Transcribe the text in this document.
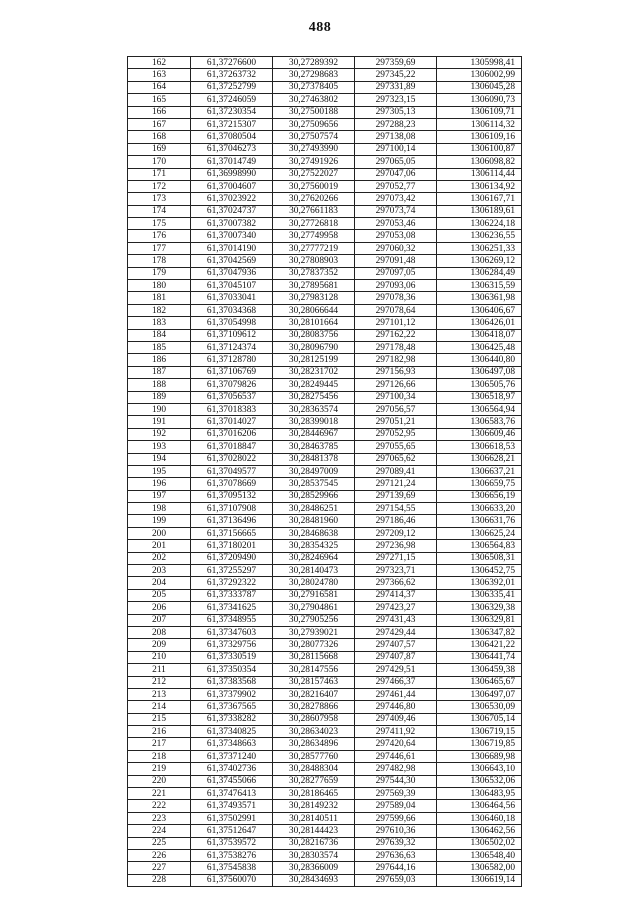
488
162	61,37276600	30,27289392	297359,69	1305998,41
163	61,37263732	30,27298683	297345,22	1306002,99
164	61,37252799	30,27378405	297331,89	1306045,28
165	61,37246059	30,27463802	297323,15	1306090,73
166	61,37230354	30,27500188	297305,13	1306109,71
167	61,37215307	30,27509656	297288,23	1306114,32
168	61,37080504	30,27507574	297138,08	1306109,16
169	61,37046273	30,27493990	297100,14	1306100,87
170	61,37014749	30,27491926	297065,05	1306098,82
171	61,36998990	30,27522027	297047,06	1306114,44
172	61,37004607	30,27560019	297052,77	1306134,92
173	61,37023922	30,27620266	297073,42	1306167,71
174	61,37024737	30,27661183	297073,74	1306189,61
175	61,37007382	30,27726818	297053,46	1306224,18
176	61,37007340	30,27749958	297053,08	1306236,55
177	61,37014190	30,27777219	297060,32	1306251,33
178	61,37042569	30,27808903	297091,48	1306269,12
179	61,37047936	30,27837352	297097,05	1306284,49
180	61,37045107	30,27895681	297093,06	1306315,59
181	61,37033041	30,27983128	297078,36	1306361,98
182	61,37034368	30,28066644	297078,64	1306406,67
183	61,37054998	30,28101664	297101,12	1306426,01
184	61,37109612	30,28083756	297162,22	1306418,07
185	61,37124374	30,28096790	297178,48	1306425,48
186	61,37128780	30,28125199	297182,98	1306440,80
187	61,37106769	30,28231702	297156,93	1306497,08
188	61,37079826	30,28249445	297126,66	1306505,76
189	61,37056537	30,28275456	297100,34	1306518,97
190	61,37018383	30,28363574	297056,57	1306564,94
191	61,37014027	30,28399018	297051,21	1306583,76
192	61,37016206	30,28446967	297052,95	1306609,46
193	61,37018847	30,28463785	297055,65	1306618,53
194	61,37028022	30,28481378	297065,62	1306628,21
195	61,37049577	30,28497009	297089,41	1306637,21
196	61,37078669	30,28537545	297121,24	1306659,75
197	61,37095132	30,28529966	297139,69	1306656,19
198	61,37107908	30,28486251	297154,55	1306633,20
199	61,37136496	30,28481960	297186,46	1306631,76
200	61,37156665	30,28468638	297209,12	1306625,24
201	61,37180201	30,28354325	297236,98	1306564,83
202	61,37209490	30,28246964	297271,15	1306508,31
203	61,37255297	30,28140473	297323,71	1306452,75
204	61,37292322	30,28024780	297366,62	1306392,01
205	61,37333787	30,27916581	297414,37	1306335,41
206	61,37341625	30,27904861	297423,27	1306329,38
207	61,37348955	30,27905256	297431,43	1306329,81
208	61,37347603	30,27939021	297429,44	1306347,82
209	61,37329756	30,28077326	297407,57	1306421,22
210	61,37330519	30,28115668	297407,87	1306441,74
211	61,37350354	30,28147556	297429,51	1306459,38
212	61,37383568	30,28157463	297466,37	1306465,67
213	61,37379902	30,28216407	297461,44	1306497,07
214	61,37367565	30,28278866	297446,80	1306530,09
215	61,37338282	30,28607958	297409,46	1306705,14
216	61,37340825	30,28634023	297411,92	1306719,15
217	61,37348663	30,28634896	297420,64	1306719,85
218	61,37371240	30,28577760	297446,61	1306689,98
219	61,37402736	30,28488304	297482,98	1306643,10
220	61,37455066	30,28277659	297544,30	1306532,06
221	61,37476413	30,28186465	297569,39	1306483,95
222	61,37493571	30,28149232	297589,04	1306464,56
223	61,37502991	30,28140511	297599,66	1306460,18
224	61,37512647	30,28144423	297610,36	1306462,56
225	61,37539572	30,28216736	297639,32	1306502,02
226	61,37538276	30,28303574	297636,63	1306548,40
227	61,37545838	30,28366009	297644,16	1306582,00
228	61,37560070	30,28434693	297659,03	1306619,14
